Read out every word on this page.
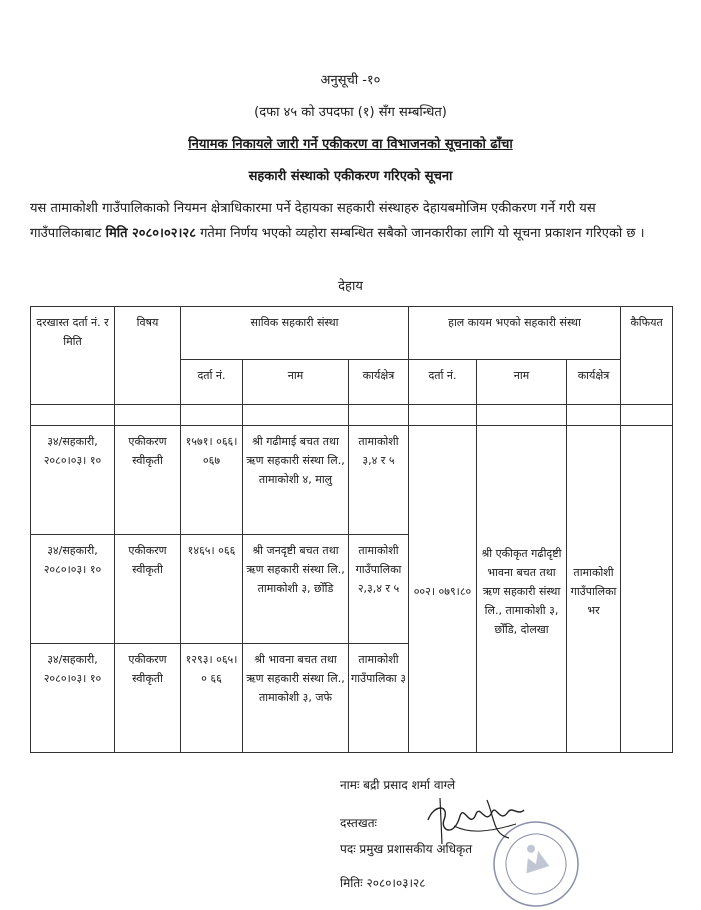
अनुसूची -१०
(दफा ४५ को उपदफा (१) सँग सम्बन्धित)
नियामक निकायले जारी गर्ने एकीकरण वा विभाजनको सूचनाको ढाँचा
सहकारी संस्थाको एकीकरण गरिएको सूचना

यस तामाकोशी गाउँपालिकाको नियमन क्षेत्राधिकारमा पर्ने देहायका सहकारी संस्थाहरु देहायबमोजिम एकीकरण गर्ने गरी यस गाउँपालिकाबाट मिति २०८०।०२।२८ गतेमा निर्णय भएको व्यहोरा सम्बन्धित सबैको जानकारीका लागि यो सूचना प्रकाशन गरिएको छ ।

देहाय
दरखास्त दर्ता नं. र मिति	विषय	साविक सहकारी संस्था			हाल कायम भएको सहकारी संस्था			कैफियत
		दर्ता नं.	नाम	कार्यक्षेत्र	दर्ता नं.	नाम	कार्यक्षेत्र	

३४/सहकारी, २०८०।०३। १०	एकीकरण स्वीकृती	१५७१। ०६६। ०६७	श्री गढीमाई बचत तथा ऋण सहकारी संस्था लि., तामाकोशी ४, मालु	तामाकोशी ३,४ र ५	००२। ०७९।८०	श्री एकीकृत गढीदृष्टी भावना बचत तथा ऋण सहकारी संस्था लि., तामाकोशी ३, छोँडि, दोलखा	तामाकोशी गाउँपालिका भर	
३४/सहकारी, २०८०।०३। १०	एकीकरण स्वीकृती	१४६५। ०६६	श्री जनदृष्टी बचत तथा ऋण सहकारी संस्था लि., तामाकोशी ३, छोँडि	तामाकोशी गाउँपालिका २,३,४ र ५				
३४/सहकारी, २०८०।०३। १०	एकीकरण स्वीकृती	१२९३। ०६५।० ६६	श्री भावना बचत तथा ऋण सहकारी संस्था लि., तामाकोशी ३, जफे	तामाकोशी गाउँपालिका ३				
नामः बद्री प्रसाद शर्मा वाग्ले
दस्तखतः
पदः प्रमुख प्रशासकीय अधिकृत
मितिः २०८०।०३।२८
